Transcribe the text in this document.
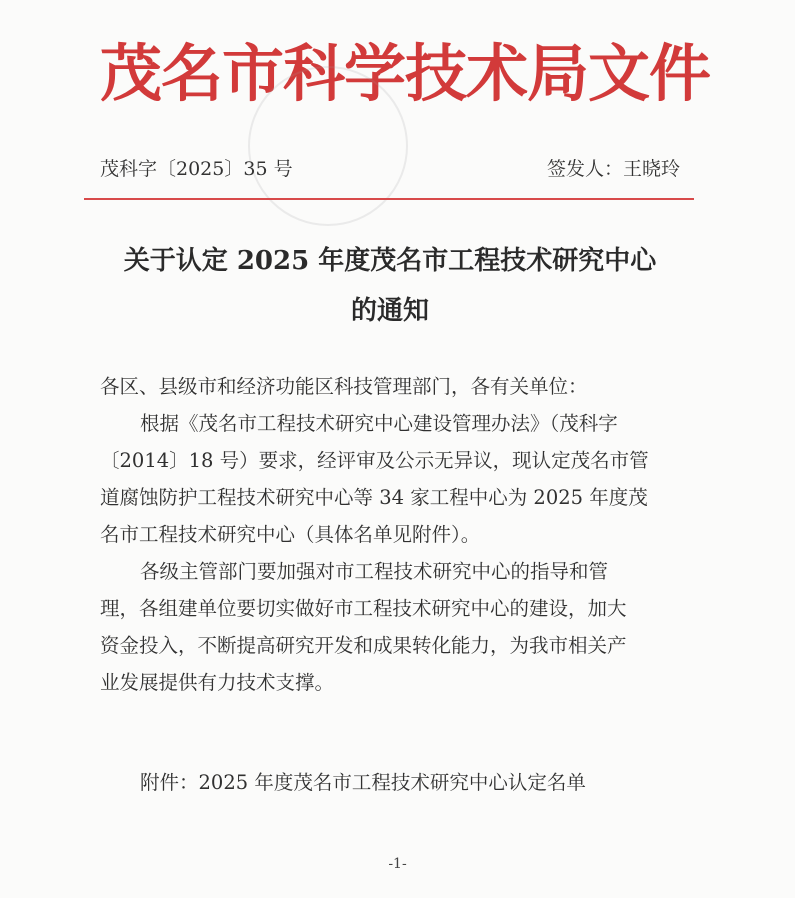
茂名市科学技术局文件
茂科字〔2025〕35 号	签发人：王晓玲
关于认定 2025 年度茂名市工程技术研究中心
的通知
各区、县级市和经济功能区科技管理部门，各有关单位：
根据《茂名市工程技术研究中心建设管理办法》（茂科字
〔2014〕18 号）要求，经评审及公示无异议，现认定茂名市管
道腐蚀防护工程技术研究中心等 34 家工程中心为 2025 年度茂
名市工程技术研究中心（具体名单见附件）。
各级主管部门要加强对市工程技术研究中心的指导和管
理，各组建单位要切实做好市工程技术研究中心的建设，加大
资金投入，不断提高研究开发和成果转化能力，为我市相关产
业发展提供有力技术支撑。
附件：2025 年度茂名市工程技术研究中心认定名单
-1-
